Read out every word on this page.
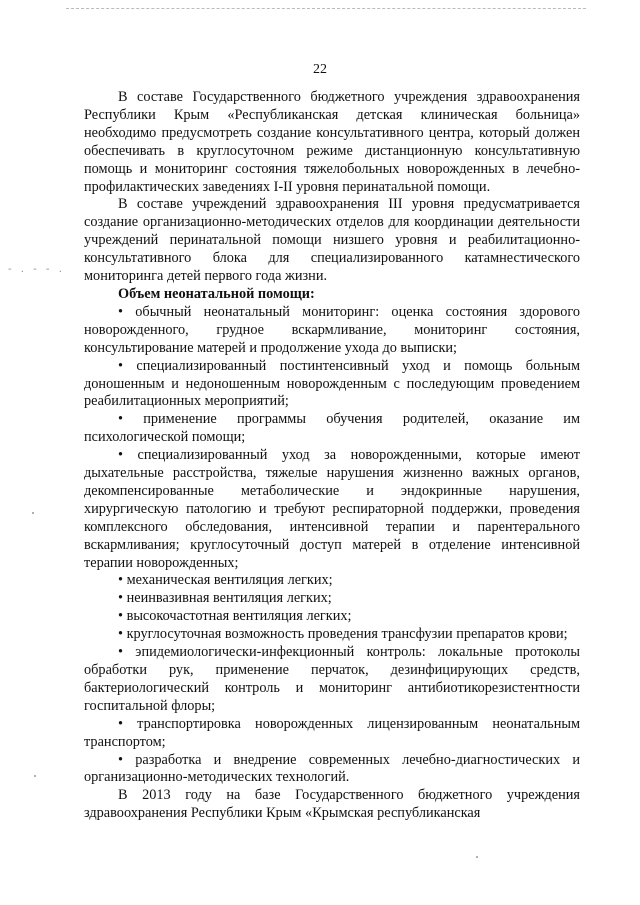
22
- . - - .

В составе Государственного бюджетного учреждения здравоохранения Республики Крым «Республиканская детская клиническая больница» необходимо предусмотреть создание консультативного центра, который должен обеспечивать в круглосуточном режиме дистанционную консультативную помощь и мониторинг состояния тяжелобольных новорожденных в лечебно-профилактических заведениях I-II уровня перинатальной помощи.

В составе учреждений здравоохранения III уровня предусматривается создание организационно-методических отделов для координации деятельности учреждений перинатальной помощи низшего уровня и реабилитационно-консультативного блока для специализированного катамнестического мониторинга детей первого года жизни.

Объем неонатальной помощи:

• обычный неонатальный мониторинг: оценка состояния здорового новорожденного, грудное вскармливание, мониторинг состояния, консультирование матерей и продолжение ухода до выписки;

• специализированный постинтенсивный уход и помощь больным доношенным и недоношенным новорожденным с последующим проведением реабилитационных мероприятий;

• применение программы обучения родителей, оказание им психологической помощи;

• специализированный уход за новорожденными, которые имеют дыхательные расстройства, тяжелые нарушения жизненно важных органов, декомпенсированные метаболические и эндокринные нарушения, хирургическую патологию и требуют респираторной поддержки, проведения комплексного обследования, интенсивной терапии и парентерального вскармливания; круглосуточный доступ матерей в отделение интенсивной терапии новорожденных;

• механическая вентиляция легких;

• неинвазивная вентиляция легких;

• высокочастотная вентиляция легких;

• круглосуточная возможность проведения трансфузии препаратов крови;

• эпидемиологически-инфекционный контроль: локальные протоколы обработки рук, применение перчаток, дезинфицирующих средств, бактериологический контроль и мониторинг антибиотикорезистентности госпитальной флоры;

• транспортировка новорожденных лицензированным неонатальным транспортом;

• разработка и внедрение современных лечебно-диагностических и организационно-методических технологий.

В 2013 году на базе Государственного бюджетного учреждения здравоохранения Республики Крым «Крымская республиканская
